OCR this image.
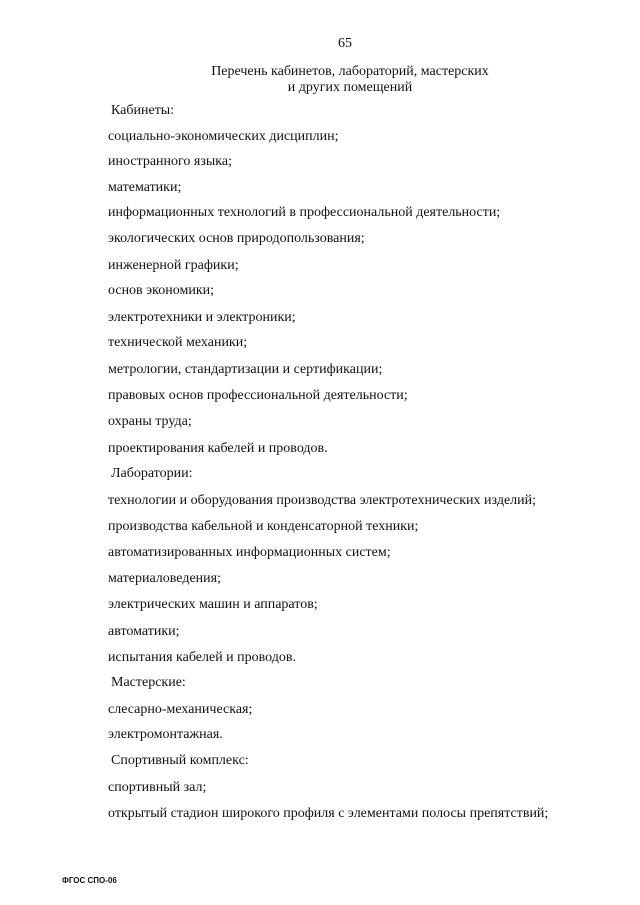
65
Перечень кабинетов, лабораторий, мастерских
и других помещений
Кабинеты:
социально-экономических дисциплин;
иностранного языка;
математики;
информационных технологий в профессиональной деятельности;
экологических основ природопользования;
инженерной графики;
основ экономики;
электротехники и электроники;
технической механики;
метрологии, стандартизации и сертификации;
правовых основ профессиональной деятельности;
охраны труда;
проектирования кабелей и проводов.
Лаборатории:
технологии и оборудования производства электротехнических изделий;
производства кабельной и конденсаторной техники;
автоматизированных информационных систем;
материаловедения;
электрических машин и аппаратов;
автоматики;
испытания кабелей и проводов.
Мастерские:
слесарно-механическая;
электромонтажная.
Спортивный комплекс:
спортивный зал;
открытый стадион широкого профиля с элементами полосы препятствий;
ФГОС СПО-06
